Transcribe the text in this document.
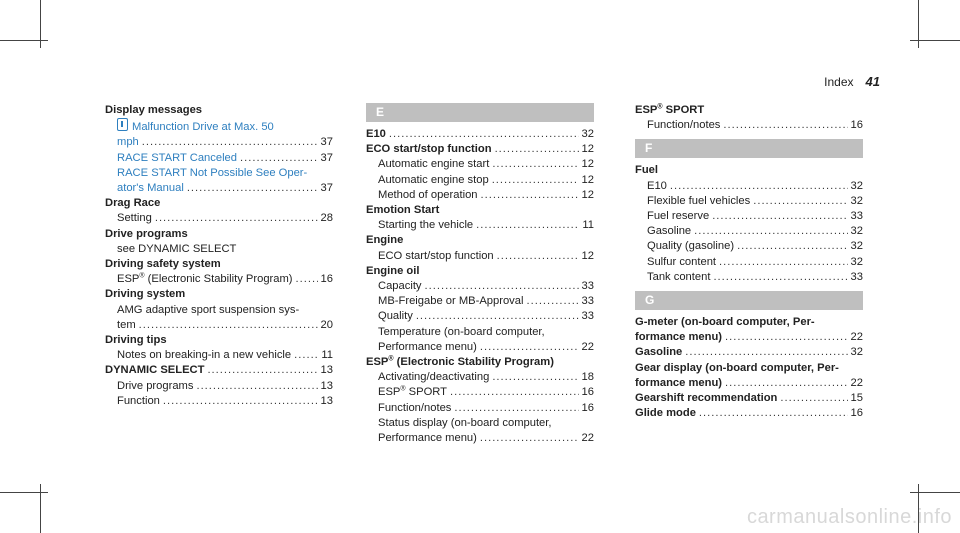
Index 41
Display messages
Malfunction Drive at Max. 50
mph .....	37
RACE START Canceled .....	37
RACE START Not Possible See Oper-
ator's Manual .....	37
Drag Race
Setting .....	28
Drive programs
see DYNAMIC SELECT
Driving safety system
ESP® (Electronic Stability Program) .....	16
Driving system
AMG adaptive sport suspension sys-
tem .....	20
Driving tips
Notes on breaking-in a new vehicle .....	11
DYNAMIC SELECT .....	13
Drive programs .....	13
Function .....	13
E
E10 .....	32
ECO start/stop function .....	12
Automatic engine start .....	12
Automatic engine stop .....	12
Method of operation .....	12
Emotion Start
Starting the vehicle .....	11
Engine
ECO start/stop function .....	12
Engine oil
Capacity .....	33
MB-Freigabe or MB-Approval .....	33
Quality .....	33
Temperature (on-board computer,
Performance menu) .....	22
ESP® (Electronic Stability Program)
Activating/deactivating .....	18
ESP® SPORT .....	16
Function/notes .....	16
Status display (on-board computer,
Performance menu) .....	22
ESP® SPORT
Function/notes .....	16
F
Fuel
E10 .....	32
Flexible fuel vehicles .....	32
Fuel reserve .....	33
Gasoline .....	32
Quality (gasoline) .....	32
Sulfur content .....	32
Tank content .....	33
G
G-meter (on-board computer, Per-
formance menu) .....	22
Gasoline .....	32
Gear display (on-board computer, Per-
formance menu) .....	22
Gearshift recommendation .....	15
Glide mode .....	16
carmanualsonline.info
